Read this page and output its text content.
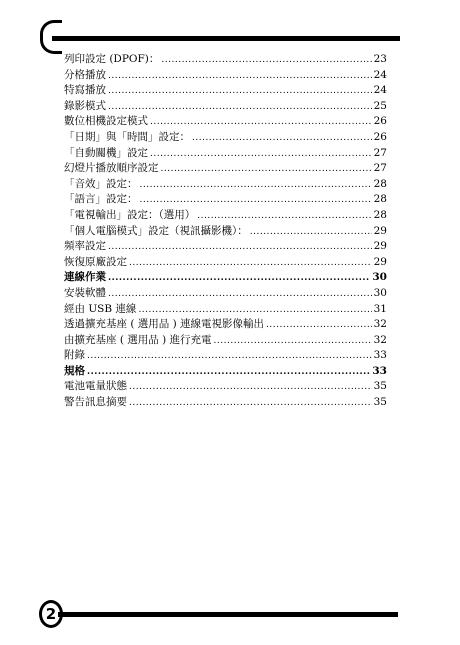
列印設定 (DPOF)： .....	23
分格播放 .....	24
特寫播放 .....	24
錄影模式 .....	25
數位相機設定模式 .....	26
「日期」與「時間」設定： .....	26
「自動關機」設定 .....	27
幻燈片播放順序設定 .....	27
「音效」設定： .....	28
「語言」設定： .....	28
「電視輸出」設定：（選用） .....	28
「個人電腦模式」設定（視訊攝影機）： .....	29
頻率設定 .....	29
恢復原廠設定 .....	29
連線作業 .....	30
安裝軟體 .....	30
經由 USB 連線 .....	31
透過擴充基座 ( 選用品 ) 連線電視影像輸出 .....	32
由擴充基座 ( 選用品 ) 進行充電 .....	32
附錄 .....	33
規格 .....	33
電池電量狀態 .....	35
警告訊息摘要 .....	35
2
